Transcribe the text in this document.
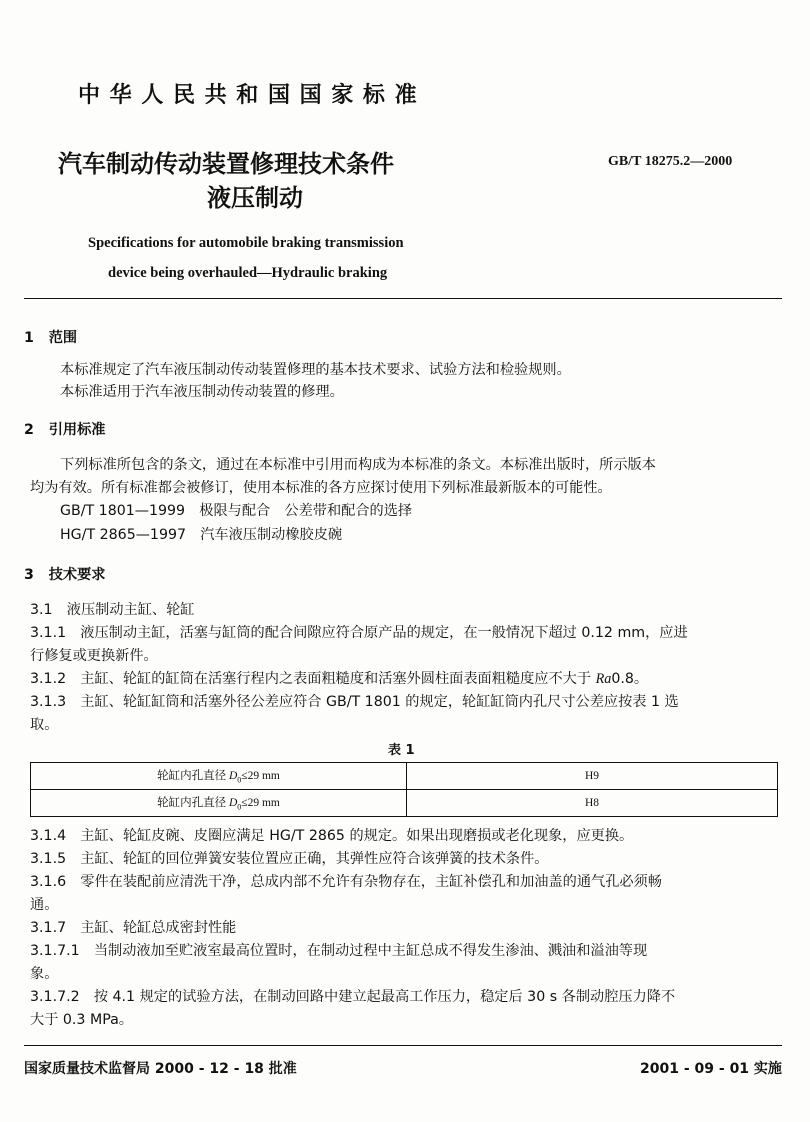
中 华 人 民 共 和 国 国 家 标 准
汽车制动传动装置修理技术条件
液压制动
GB/T 18275.2—2000
Specifications for automobile braking transmission
device being overhauled—Hydraulic braking
1 范围
本标准规定了汽车液压制动传动装置修理的基本技术要求、试验方法和检验规则。
本标准适用于汽车液压制动传动装置的修理。
2 引用标准
下列标准所包含的条文，通过在本标准中引用而构成为本标准的条文。本标准出版时，所示版本
均为有效。所有标准都会被修订，使用本标准的各方应探讨使用下列标准最新版本的可能性。
GB/T 1801—1999　极限与配合　公差带和配合的选择
HG/T 2865—1997　汽车液压制动橡胶皮碗
3 技术要求
3.1　液压制动主缸、轮缸
3.1.1　液压制动主缸，活塞与缸筒的配合间隙应符合原产品的规定，在一般情况下超过 0.12 mm，应进
行修复或更换新件。
3.1.2　主缸、轮缸的缸筒在活塞行程内之表面粗糙度和活塞外圆柱面表面粗糙度应不大于 Ra0.8。
3.1.3　主缸、轮缸缸筒和活塞外径公差应符合 GB/T 1801 的规定，轮缸缸筒内孔尺寸公差应按表 1 选
取。
表 1
轮缸内孔直径 $D_0\le 29$ mm	H9
轮缸内孔直径 $D_0\le 29$ mm	H8
3.1.4　主缸、轮缸皮碗、皮圈应满足 HG/T 2865 的规定。如果出现磨损或老化现象，应更换。
3.1.5　主缸、轮缸的回位弹簧安装位置应正确，其弹性应符合该弹簧的技术条件。
3.1.6　零件在装配前应清洗干净，总成内部不允许有杂物存在，主缸补偿孔和加油盖的通气孔必须畅
通。
3.1.7　主缸、轮缸总成密封性能
3.1.7.1　当制动液加至贮液室最高位置时，在制动过程中主缸总成不得发生渗油、溅油和溢油等现
象。
3.1.7.2　按 4.1 规定的试验方法，在制动回路中建立起最高工作压力，稳定后 30 s 各制动腔压力降不
大于 0.3 MPa。
国家质量技术监督局 2000 - 12 - 18 批准	2001 - 09 - 01 实施
